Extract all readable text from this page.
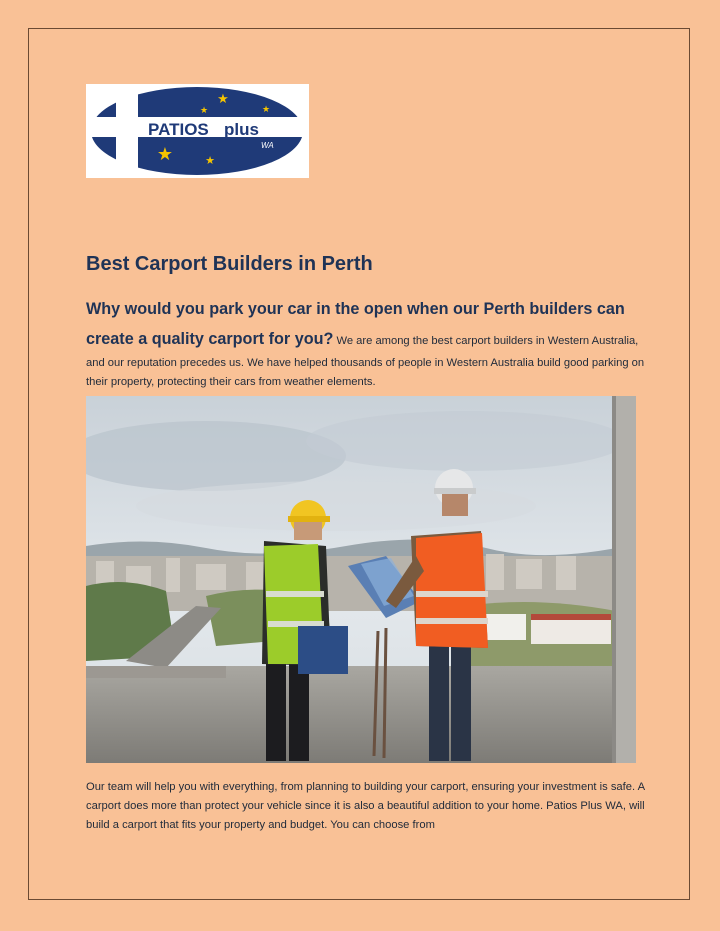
★
★
★
★	★
PATIOS plus
WA
Best Carport Builders in Perth

Why would you park your car in the open when our Perth builders can create a quality carport for you? We are among the best carport builders in Western Australia, and our reputation precedes us. We have helped thousands of people in Western Australia build good parking on their property, protecting their cars from weather elements.

Our team will help you with everything, from planning to building your carport, ensuring your investment is safe. A carport does more than protect your vehicle since it is also a beautiful addition to your home. Patios Plus WA, will build a carport that fits your property and budget. You can choose from
